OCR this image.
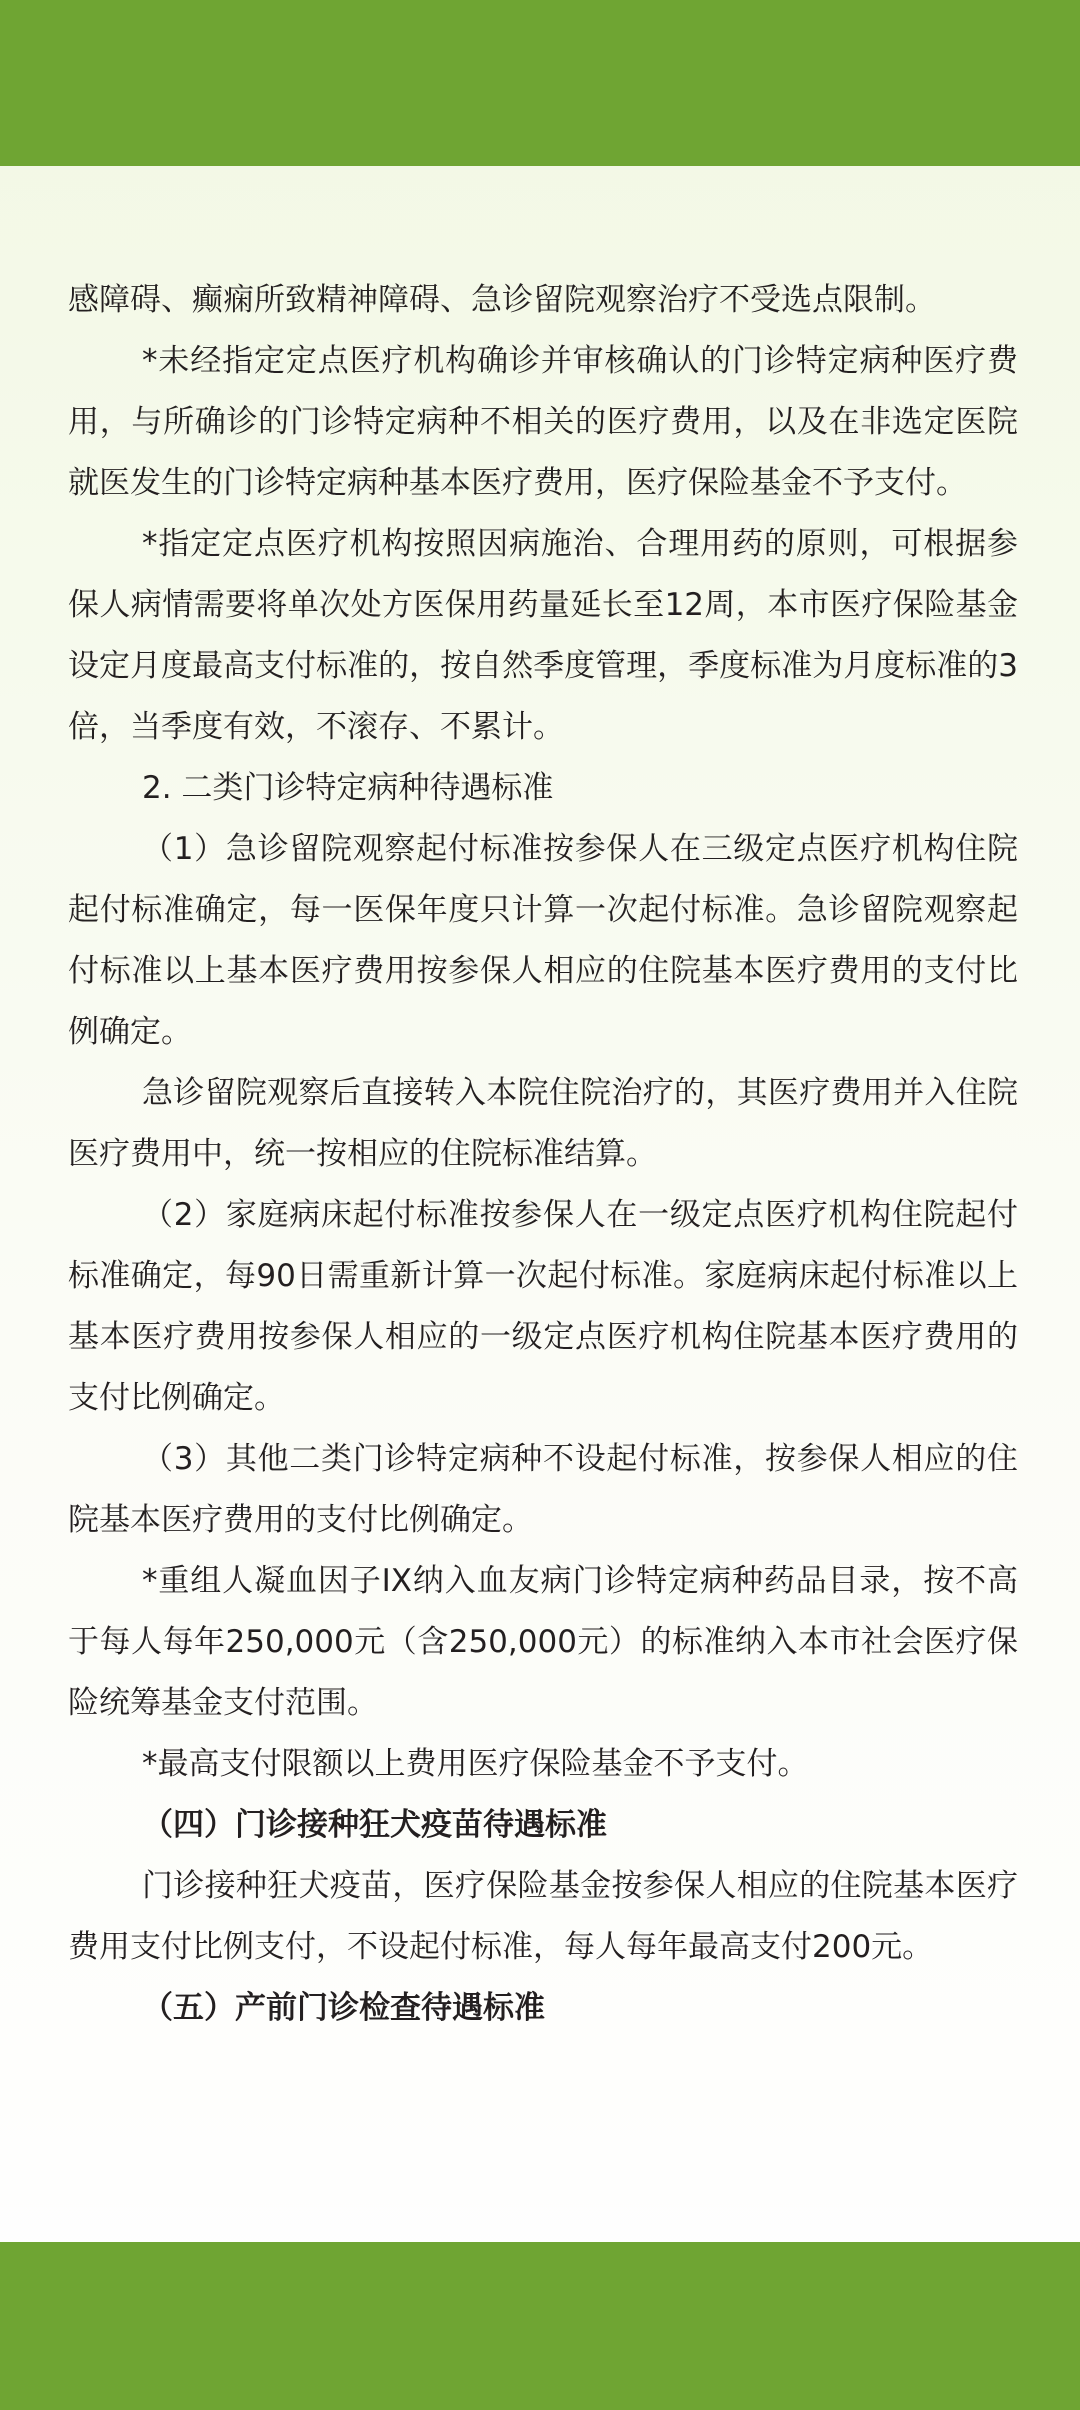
感障碍、癫痫所致精神障碍、急诊留院观察治疗不受选点限制。

*未经指定定点医疗机构确诊并审核确认的门诊特定病种医疗费用，与所确诊的门诊特定病种不相关的医疗费用，以及在非选定医院就医发生的门诊特定病种基本医疗费用，医疗保险基金不予支付。

*指定定点医疗机构按照因病施治、合理用药的原则，可根据参保人病情需要将单次处方医保用药量延长至12周，本市医疗保险基金设定月度最高支付标准的，按自然季度管理，季度标准为月度标准的3倍，当季度有效，不滚存、不累计。

2. 二类门诊特定病种待遇标准

（1）急诊留院观察起付标准按参保人在三级定点医疗机构住院起付标准确定，每一医保年度只计算一次起付标准。急诊留院观察起付标准以上基本医疗费用按参保人相应的住院基本医疗费用的支付比例确定。

急诊留院观察后直接转入本院住院治疗的，其医疗费用并入住院医疗费用中，统一按相应的住院标准结算。

（2）家庭病床起付标准按参保人在一级定点医疗机构住院起付标准确定，每90日需重新计算一次起付标准。家庭病床起付标准以上基本医疗费用按参保人相应的一级定点医疗机构住院基本医疗费用的支付比例确定。

（3）其他二类门诊特定病种不设起付标准，按参保人相应的住院基本医疗费用的支付比例确定。

*重组人凝血因子IX纳入血友病门诊特定病种药品目录，按不高于每人每年250,000元（含250,000元）的标准纳入本市社会医疗保险统筹基金支付范围。

*最高支付限额以上费用医疗保险基金不予支付。

（四）门诊接种狂犬疫苗待遇标准

门诊接种狂犬疫苗，医疗保险基金按参保人相应的住院基本医疗费用支付比例支付，不设起付标准，每人每年最高支付200元。

（五）产前门诊检查待遇标准
